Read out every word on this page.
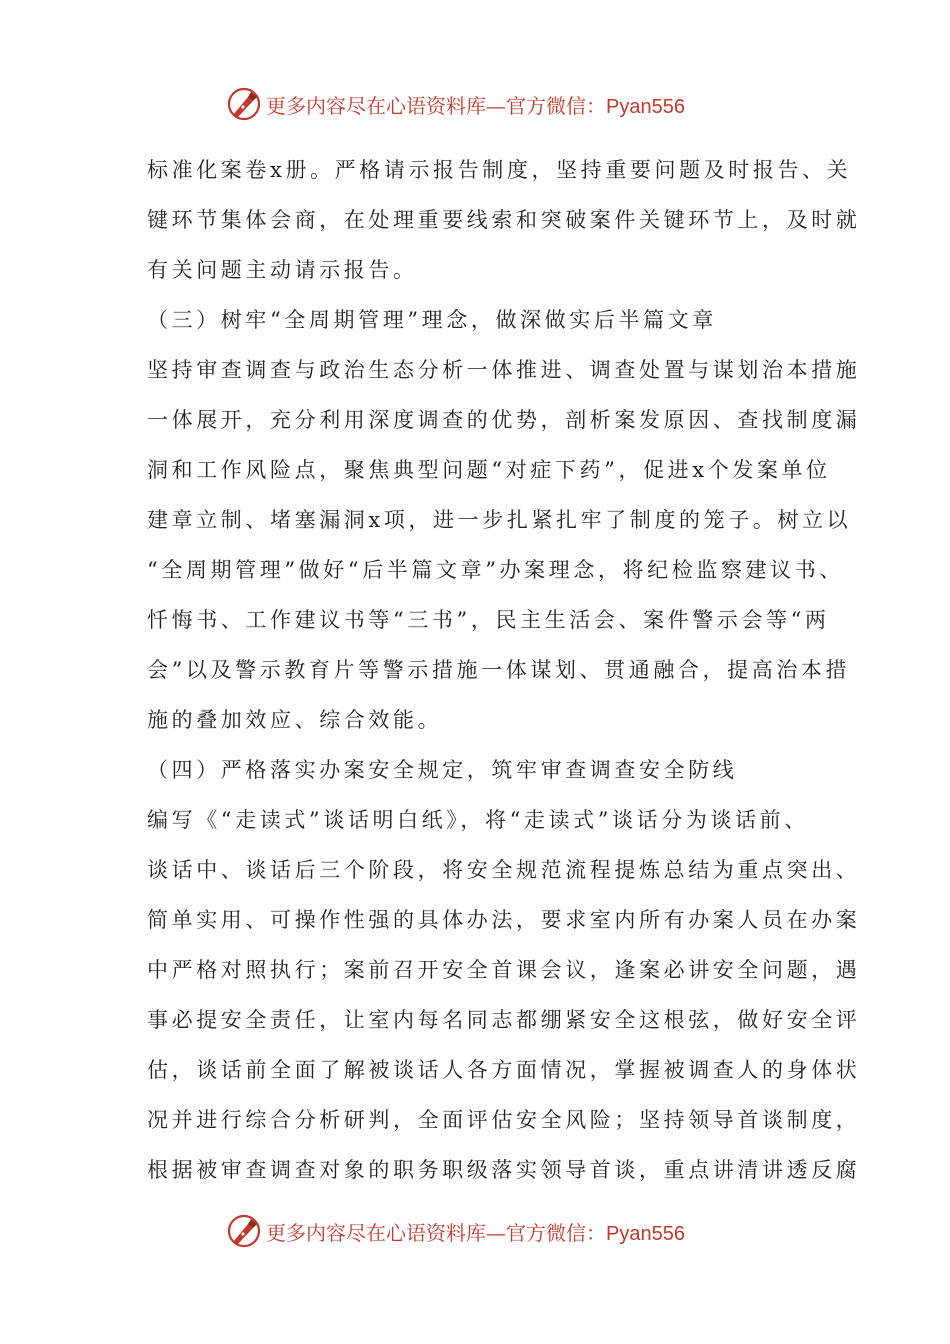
更多内容尽在心语资料库—官方微信：Pyan556
标准化案卷x册。严格请示报告制度，坚持重要问题及时报告、关
键环节集体会商，在处理重要线索和突破案件关键环节上，及时就
有关问题主动请示报告。
（三）树牢“全周期管理”理念，做深做实后半篇文章
坚持审查调查与政治生态分析一体推进、调查处置与谋划治本措施
一体展开，充分利用深度调查的优势，剖析案发原因、查找制度漏
洞和工作风险点，聚焦典型问题“对症下药”，促进x个发案单位
建章立制、堵塞漏洞x项，进一步扎紧扎牢了制度的笼子。树立以
“全周期管理”做好“后半篇文章”办案理念，将纪检监察建议书、
忏悔书、工作建议书等“三书”，民主生活会、案件警示会等“两
会”以及警示教育片等警示措施一体谋划、贯通融合，提高治本措
施的叠加效应、综合效能。
（四）严格落实办案安全规定，筑牢审查调查安全防线
编写《“走读式”谈话明白纸》，将“走读式”谈话分为谈话前、
谈话中、谈话后三个阶段，将安全规范流程提炼总结为重点突出、
简单实用、可操作性强的具体办法，要求室内所有办案人员在办案
中严格对照执行；案前召开安全首课会议，逢案必讲安全问题，遇
事必提安全责任，让室内每名同志都绷紧安全这根弦，做好安全评
估，谈话前全面了解被谈话人各方面情况，掌握被调查人的身体状
况并进行综合分析研判，全面评估安全风险；坚持领导首谈制度，
根据被审查调查对象的职务职级落实领导首谈，重点讲清讲透反腐
更多内容尽在心语资料库—官方微信：Pyan556
